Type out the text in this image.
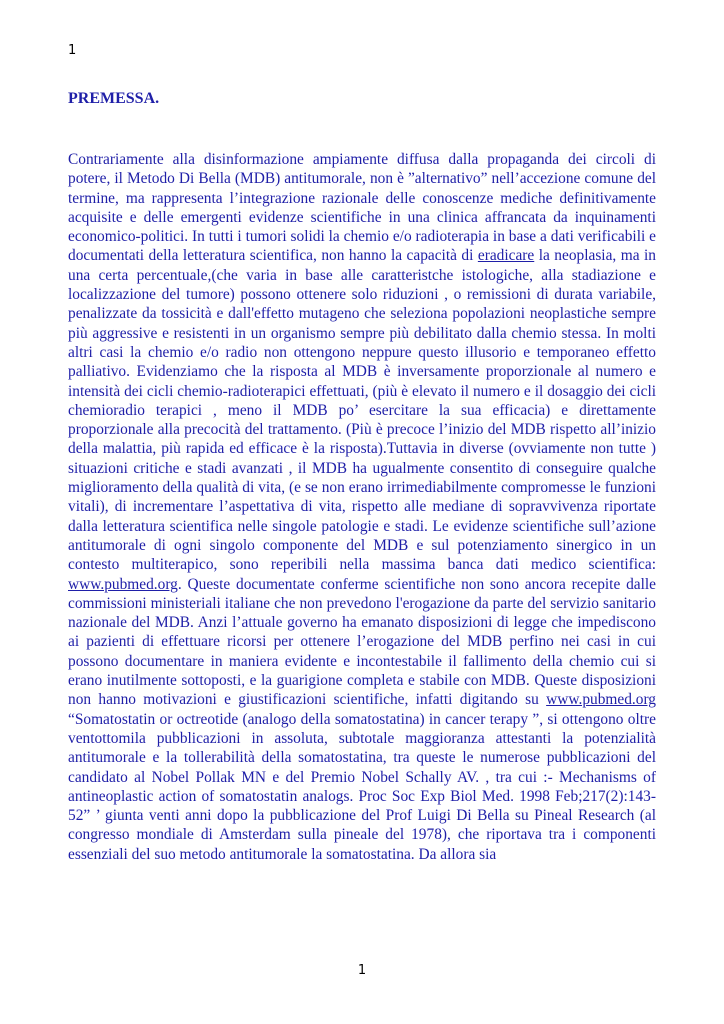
1
PREMESSA.

Contrariamente alla disinformazione ampiamente diffusa dalla propaganda dei circoli di potere, il Metodo Di Bella (MDB) antitumorale, non è ”alternativo” nell’accezione comune del termine, ma rappresenta l’integrazione razionale delle conoscenze mediche definitivamente acquisite e delle emergenti evidenze scientifiche in una clinica affrancata da inquinamenti economico-politici. In tutti i tumori solidi la chemio e/o radioterapia in base a dati verificabili e documentati della letteratura scientifica, non hanno la capacità di eradicare la neoplasia, ma in una certa percentuale,(che varia in base alle caratteristche istologiche, alla stadiazione e localizzazione del tumore) possono ottenere solo riduzioni , o remissioni di durata variabile, penalizzate da tossicità e dall'effetto mutageno che seleziona popolazioni neoplastiche sempre più aggressive e resistenti in un organismo sempre più debilitato dalla chemio stessa. In molti altri casi la chemio e/o radio non ottengono neppure questo illusorio e temporaneo effetto palliativo. Evidenziamo che la risposta al MDB è inversamente proporzionale al numero e intensità dei cicli chemio-radioterapici effettuati, (più è elevato il numero e il dosaggio dei cicli chemioradio terapici , meno il MDB po’ esercitare la sua efficacia) e direttamente proporzionale alla precocità del trattamento. (Più è precoce l’inizio del MDB rispetto all’inizio della malattia, più rapida ed efficace è la risposta).Tuttavia in diverse (ovviamente non tutte ) situazioni critiche e stadi avanzati , il MDB ha ugualmente consentito di conseguire qualche miglioramento della qualità di vita, (e se non erano irrimediabilmente compromesse le funzioni vitali), di incrementare l’aspettativa di vita, rispetto alle mediane di sopravvivenza riportate dalla letteratura scientifica nelle singole patologie e stadi. Le evidenze scientifiche sull’azione antitumorale di ogni singolo componente del MDB e sul potenziamento sinergico in un contesto multiterapico, sono reperibili nella massima banca dati medico scientifica: www.pubmed.org. Queste documentate conferme scientifiche non sono ancora recepite dalle commissioni ministeriali italiane che non prevedono l'erogazione da parte del servizio sanitario nazionale del MDB. Anzi l’attuale governo ha emanato disposizioni di legge che impediscono ai pazienti di effettuare ricorsi per ottenere l’erogazione del MDB perfino nei casi in cui possono documentare in maniera evidente e incontestabile il fallimento della chemio cui si erano inutilmente sottoposti, e la guarigione completa e stabile con MDB. Queste disposizioni non hanno motivazioni e giustificazioni scientifiche, infatti digitando su www.pubmed.org “Somatostatin or octreotide (analogo della somatostatina) in cancer terapy ”, si ottengono oltre ventottomila pubblicazioni in assoluta, subtotale maggioranza attestanti la potenzialità antitumorale e la tollerabilità della somatostatina, tra queste le numerose pubblicazioni del candidato al Nobel Pollak MN e del Premio Nobel Schally AV. , tra cui :- Mechanisms of antineoplastic action of somatostatin analogs. Proc Soc Exp Biol Med. 1998 Feb;217(2):143-52” ’ giunta venti anni dopo la pubblicazione del Prof Luigi Di Bella su Pineal Research (al congresso mondiale di Amsterdam sulla pineale del 1978), che riportava tra i componenti essenziali del suo metodo antitumorale la somatostatina. Da allora sia

1
